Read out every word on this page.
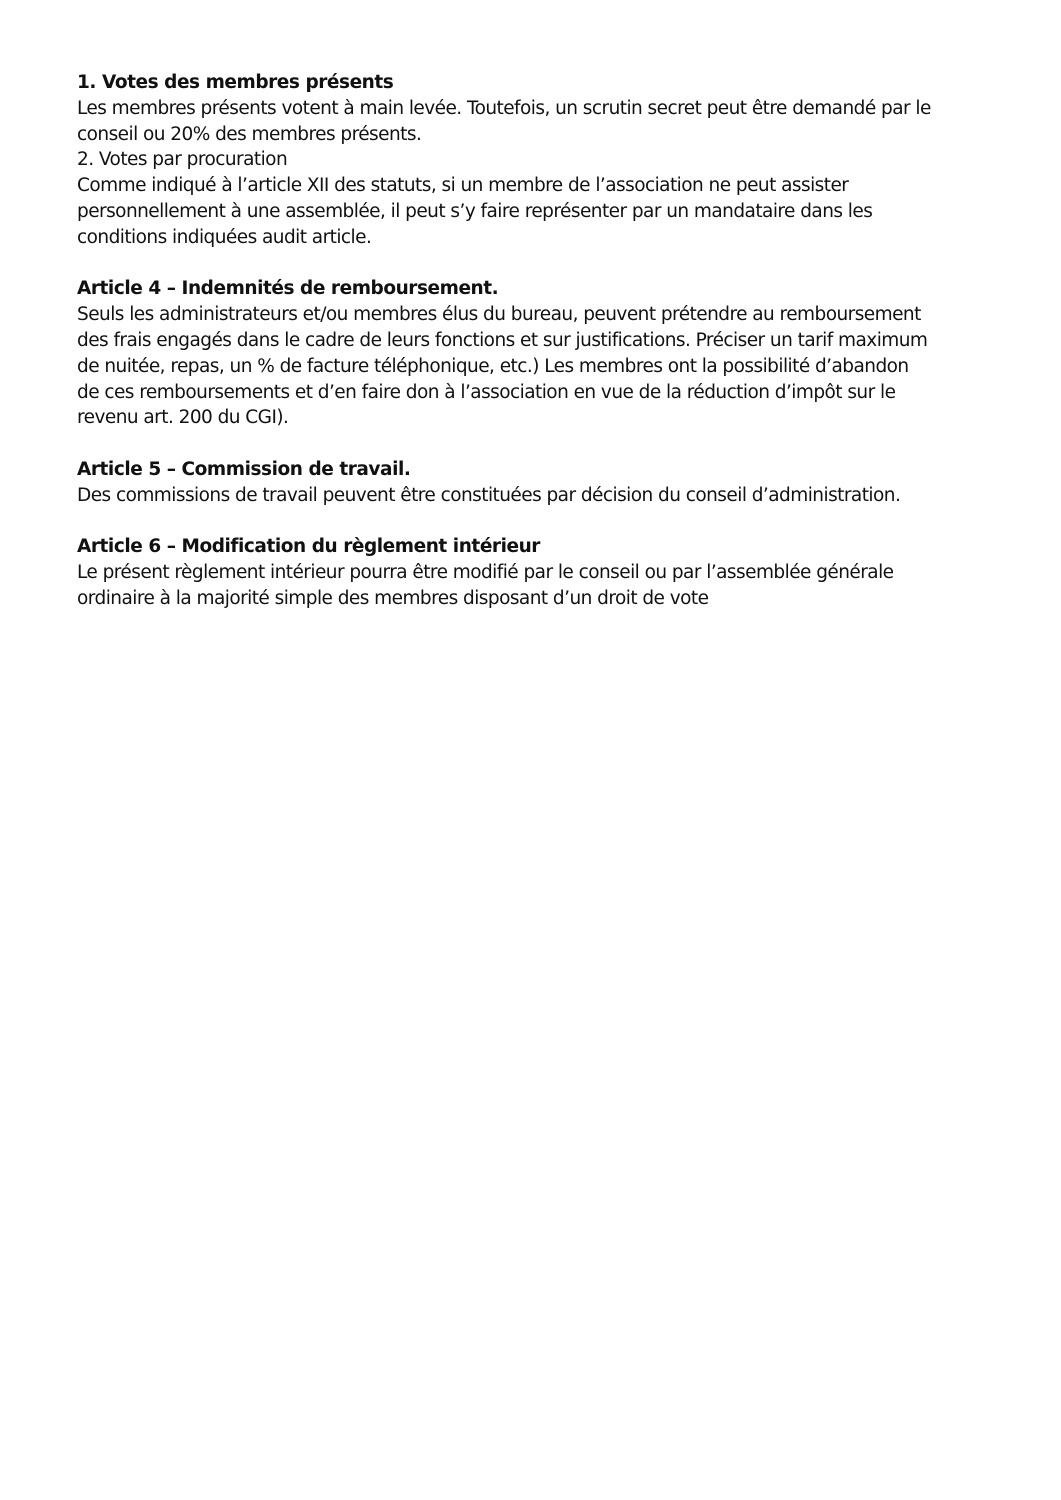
1. Votes des membres présents
Les membres présents votent à main levée. Toutefois, un scrutin secret peut être demandé par le
conseil ou 20% des membres présents.
2. Votes par procuration
Comme indiqué à l’article XII des statuts, si un membre de l’association ne peut assister
personnellement à une assemblée, il peut s’y faire représenter par un mandataire dans les
conditions indiquées audit article.
Article 4 – Indemnités de remboursement.
Seuls les administrateurs et/ou membres élus du bureau, peuvent prétendre au remboursement
des frais engagés dans le cadre de leurs fonctions et sur justifications. Préciser un tarif maximum
de nuitée, repas, un % de facture téléphonique, etc.) Les membres ont la possibilité d’abandon
de ces remboursements et d’en faire don à l’association en vue de la réduction d’impôt sur le
revenu art. 200 du CGI).
Article 5 – Commission de travail.
Des commissions de travail peuvent être constituées par décision du conseil d’administration.
Article 6 – Modification du règlement intérieur
Le présent règlement intérieur pourra être modifié par le conseil ou par l’assemblée générale
ordinaire à la majorité simple des membres disposant d’un droit de vote
